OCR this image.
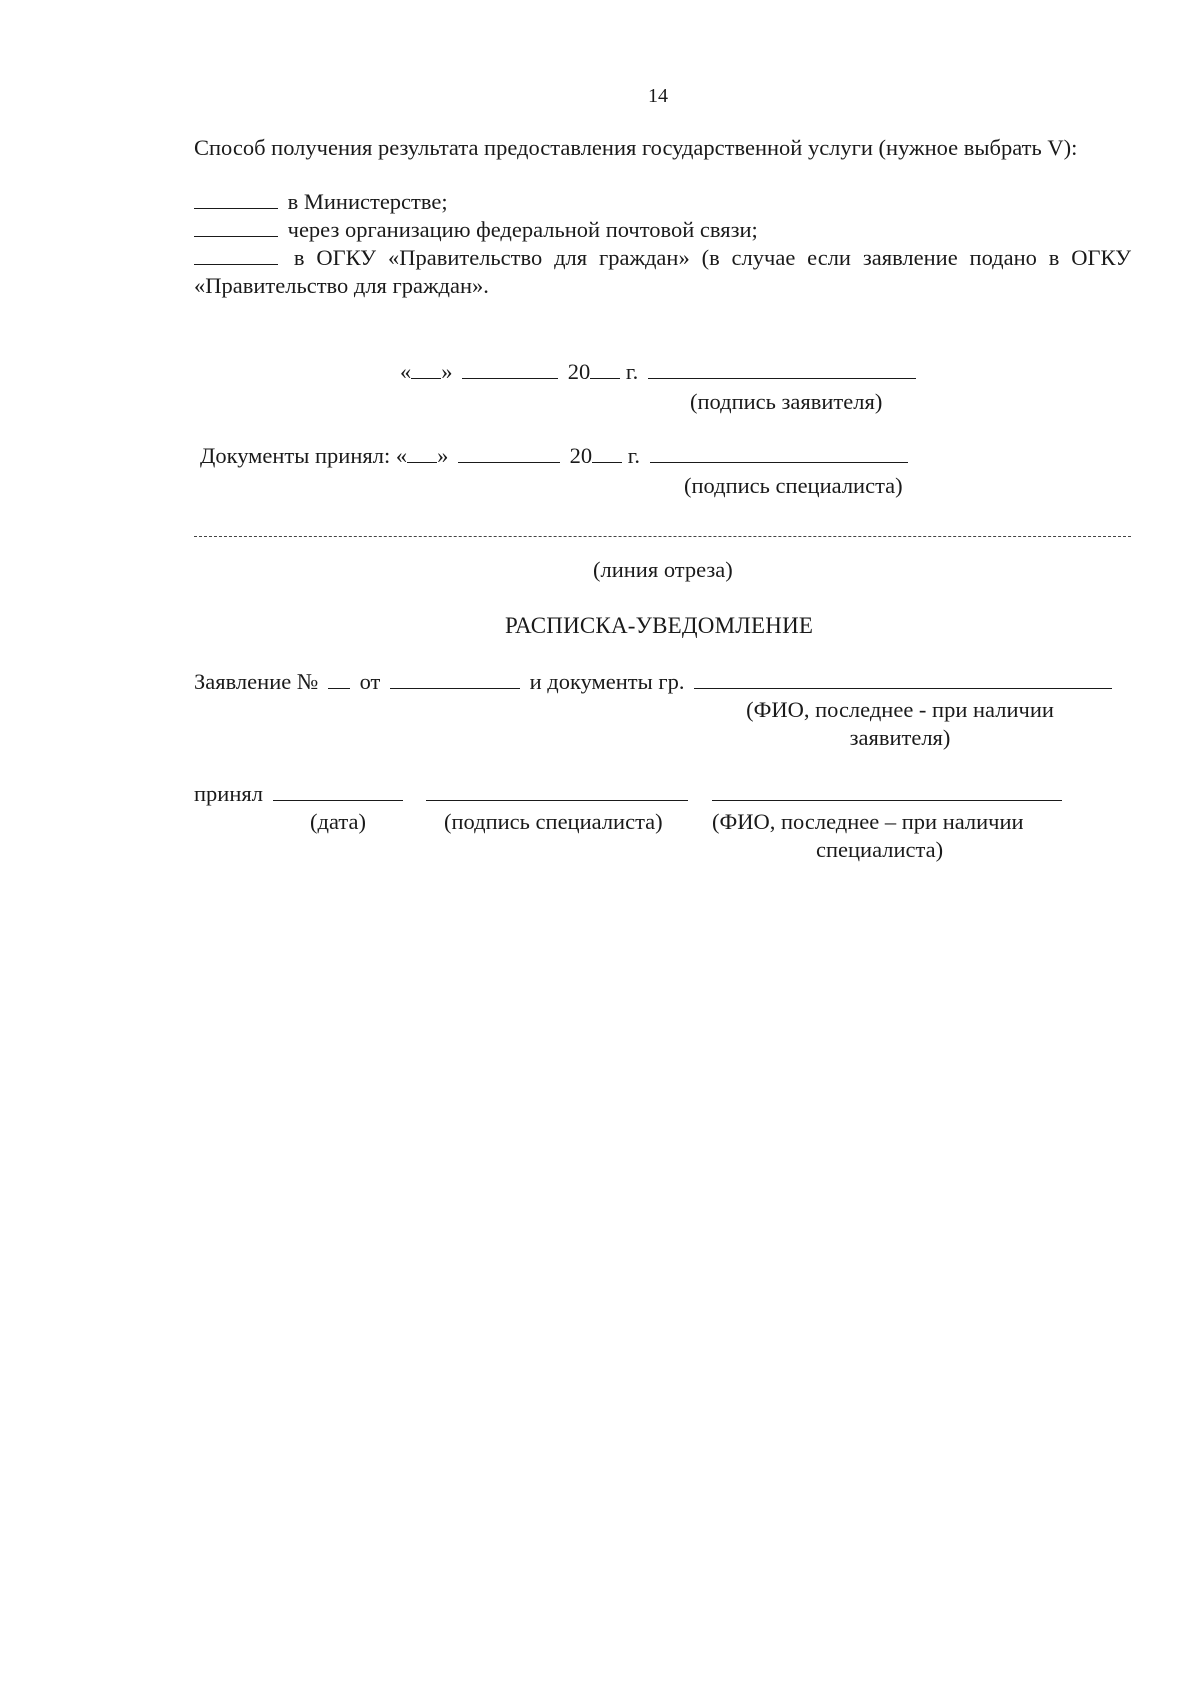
14
Способ получения результата предоставления государственной услуги (нужное выбрать V):
в Министерстве;
через организацию федеральной почтовой связи;
в ОГКУ «Правительство для граждан» (в случае если заявление подано в ОГКУ «Правительство для граждан».
« »	20 г.
(подпись заявителя)
Документы принял: « »	20 г.
(подпись специалиста)
(линия отреза)
РАСПИСКА-УВЕДОМЛЕНИЕ
Заявление № от	и документы гр.
(ФИО, последнее - при наличии
заявителя)
принял
(дата)	(подпись специалиста) (ФИО, последнее – при наличии
специалиста)
